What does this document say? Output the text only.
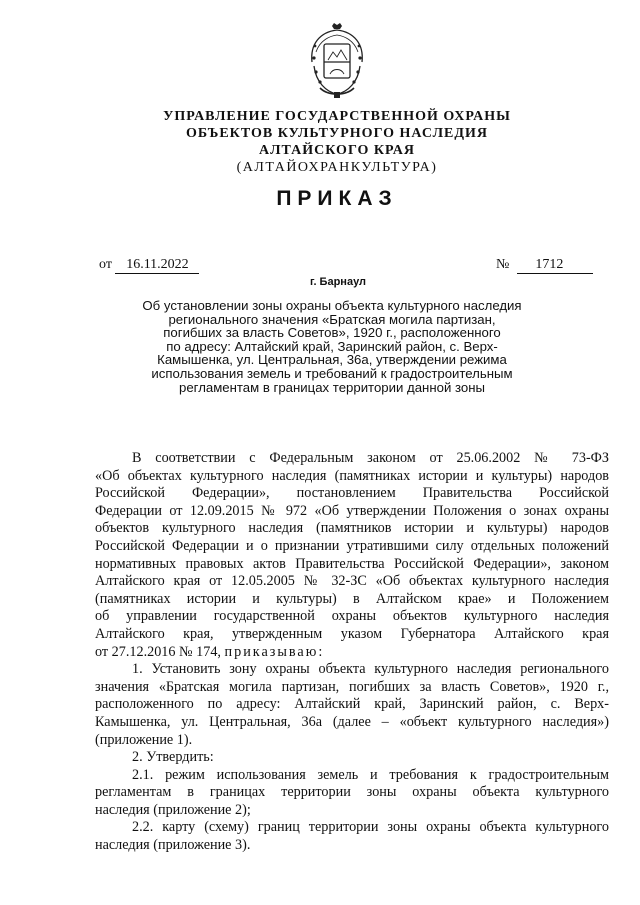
УПРАВЛЕНИЕ ГОСУДАРСТВЕННОЙ ОХРАНЫ
ОБЪЕКТОВ КУЛЬТУРНОГО НАСЛЕДИЯ
АЛТАЙСКОГО КРАЯ
(АЛТАЙОХРАНКУЛЬТУРА)
ПРИКАЗ
от 16.11.2022	№ 1712
г. Барнаул
Об установлении зоны охраны объекта культурного наследия
регионального значения «Братская могила партизан,
погибших за власть Советов», 1920 г., расположенного
по адресу: Алтайский край, Заринский район, с. Верх-
Камышенка, ул. Центральная, 36а, утверждении режима
использования земель и требований к градостроительным
регламентам в границах территории данной зоны
В соответствии с Федеральным законом от 25.06.2002 № 73-ФЗ
«Об объектах культурного наследия (памятниках истории и культуры) народов
Российской Федерации», постановлением Правительства Российской
Федерации от 12.09.2015 № 972 «Об утверждении Положения о зонах охраны
объектов культурного наследия (памятников истории и культуры) народов
Российской Федерации и о признании утратившими силу отдельных положений
нормативных правовых актов Правительства Российской Федерации», законом
Алтайского края от 12.05.2005 № 32-ЗС «Об объектах культурного наследия
(памятниках истории и культуры) в Алтайском крае» и Положением
об управлении государственной охраны объектов культурного наследия
Алтайского края, утвержденным указом Губернатора Алтайского края
от 27.12.2016 № 174, приказываю:
1. Установить зону охраны объекта культурного наследия регионального
значения «Братская могила партизан, погибших за власть Советов», 1920 г.,
расположенного по адресу: Алтайский край, Заринский район, с. Верх-
Камышенка, ул. Центральная, 36а (далее – «объект культурного наследия»)
(приложение 1).
2. Утвердить:
2.1. режим использования земель и требования к градостроительным
регламентам в границах территории зоны охраны объекта культурного
наследия (приложение 2);
2.2. карту (схему) границ территории зоны охраны объекта культурного
наследия (приложение 3).
